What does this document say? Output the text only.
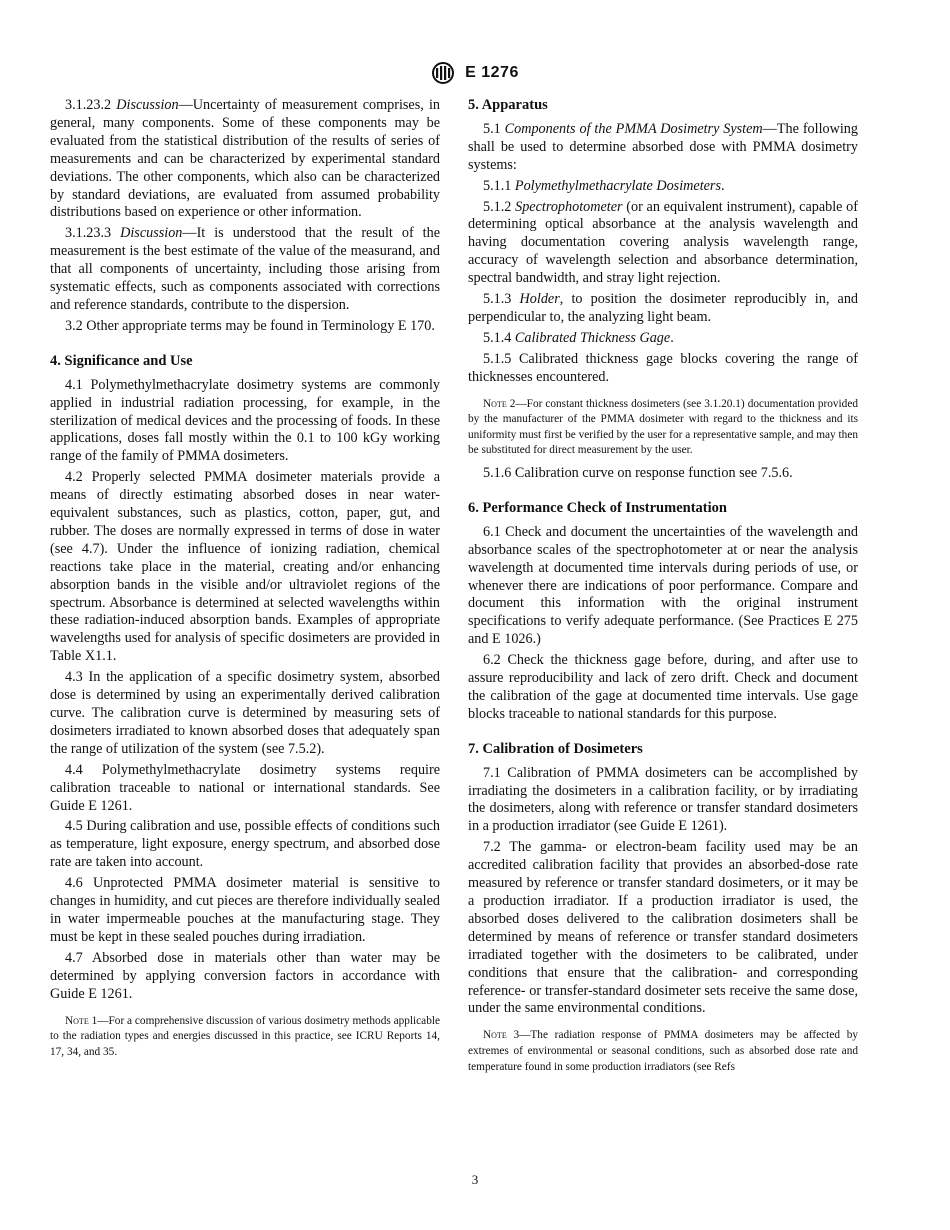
E 1276

3.1.23.2 Discussion—Uncertainty of measurement comprises, in general, many components. Some of these components may be evaluated from the statistical distribution of the results of series of measurements and can be characterized by experimental standard deviations. The other components, which also can be characterized by standard deviations, are evaluated from assumed probability distributions based on experience or other information.

3.1.23.3 Discussion—It is understood that the result of the measurement is the best estimate of the value of the measurand, and that all components of uncertainty, including those arising from systematic effects, such as components associated with corrections and reference standards, contribute to the dispersion.

3.2 Other appropriate terms may be found in Terminology E 170.

4. Significance and Use

4.1 Polymethylmethacrylate dosimetry systems are commonly applied in industrial radiation processing, for example, in the sterilization of medical devices and the processing of foods. In these applications, doses fall mostly within the 0.1 to 100 kGy working range of the family of PMMA dosimeters.

4.2 Properly selected PMMA dosimeter materials provide a means of directly estimating absorbed doses in near water-equivalent substances, such as plastics, cotton, paper, gut, and rubber. The doses are normally expressed in terms of dose in water (see 4.7). Under the influence of ionizing radiation, chemical reactions take place in the material, creating and/or enhancing absorption bands in the visible and/or ultraviolet regions of the spectrum. Absorbance is determined at selected wavelengths within these radiation-induced absorption bands. Examples of appropriate wavelengths used for analysis of specific dosimeters are provided in Table X1.1.

4.3 In the application of a specific dosimetry system, absorbed dose is determined by using an experimentally derived calibration curve. The calibration curve is determined by measuring sets of dosimeters irradiated to known absorbed doses that adequately span the range of utilization of the system (see 7.5.2).

4.4 Polymethylmethacrylate dosimetry systems require calibration traceable to national or international standards. See Guide E 1261.

4.5 During calibration and use, possible effects of conditions such as temperature, light exposure, energy spectrum, and absorbed dose rate are taken into account.

4.6 Unprotected PMMA dosimeter material is sensitive to changes in humidity, and cut pieces are therefore individually sealed in water impermeable pouches at the manufacturing stage. They must be kept in these sealed pouches during irradiation.

4.7 Absorbed dose in materials other than water may be determined by applying conversion factors in accordance with Guide E 1261.

Note 1—For a comprehensive discussion of various dosimetry methods applicable to the radiation types and energies discussed in this practice, see ICRU Reports 14, 17, 34, and 35.
5. Apparatus

5.1 Components of the PMMA Dosimetry System—The following shall be used to determine absorbed dose with PMMA dosimetry systems:

5.1.1 Polymethylmethacrylate Dosimeters.

5.1.2 Spectrophotometer (or an equivalent instrument), capable of determining optical absorbance at the analysis wavelength and having documentation covering analysis wavelength range, accuracy of wavelength selection and absorbance determination, spectral bandwidth, and stray light rejection.

5.1.3 Holder, to position the dosimeter reproducibly in, and perpendicular to, the analyzing light beam.

5.1.4 Calibrated Thickness Gage.

5.1.5 Calibrated thickness gage blocks covering the range of thicknesses encountered.

Note 2—For constant thickness dosimeters (see 3.1.20.1) documentation provided by the manufacturer of the PMMA dosimeter with regard to the thickness and its uniformity must first be verified by the user for a representative sample, and may then be substituted for direct measurement by the user.

5.1.6 Calibration curve on response function see 7.5.6.

6. Performance Check of Instrumentation

6.1 Check and document the uncertainties of the wavelength and absorbance scales of the spectrophotometer at or near the analysis wavelength at documented time intervals during periods of use, or whenever there are indications of poor performance. Compare and document this information with the original instrument specifications to verify adequate performance. (See Practices E 275 and E 1026.)

6.2 Check the thickness gage before, during, and after use to assure reproducibility and lack of zero drift. Check and document the calibration of the gage at documented time intervals. Use gage blocks traceable to national standards for this purpose.

7. Calibration of Dosimeters

7.1 Calibration of PMMA dosimeters can be accomplished by irradiating the dosimeters in a calibration facility, or by irradiating the dosimeters, along with reference or transfer standard dosimeters in a production irradiator (see Guide E 1261).

7.2 The gamma- or electron-beam facility used may be an accredited calibration facility that provides an absorbed-dose rate measured by reference or transfer standard dosimeters, or it may be a production irradiator. If a production irradiator is used, the absorbed doses delivered to the calibration dosimeters shall be determined by means of reference or transfer standard dosimeters irradiated together with the dosimeters to be calibrated, under conditions that ensure that the calibration- and corresponding reference- or transfer-standard dosimeter sets receive the same dose, under the same environmental conditions.

Note 3—The radiation response of PMMA dosimeters may be affected by extremes of environmental or seasonal conditions, such as absorbed dose rate and temperature found in some production irradiators (see Refs
3
